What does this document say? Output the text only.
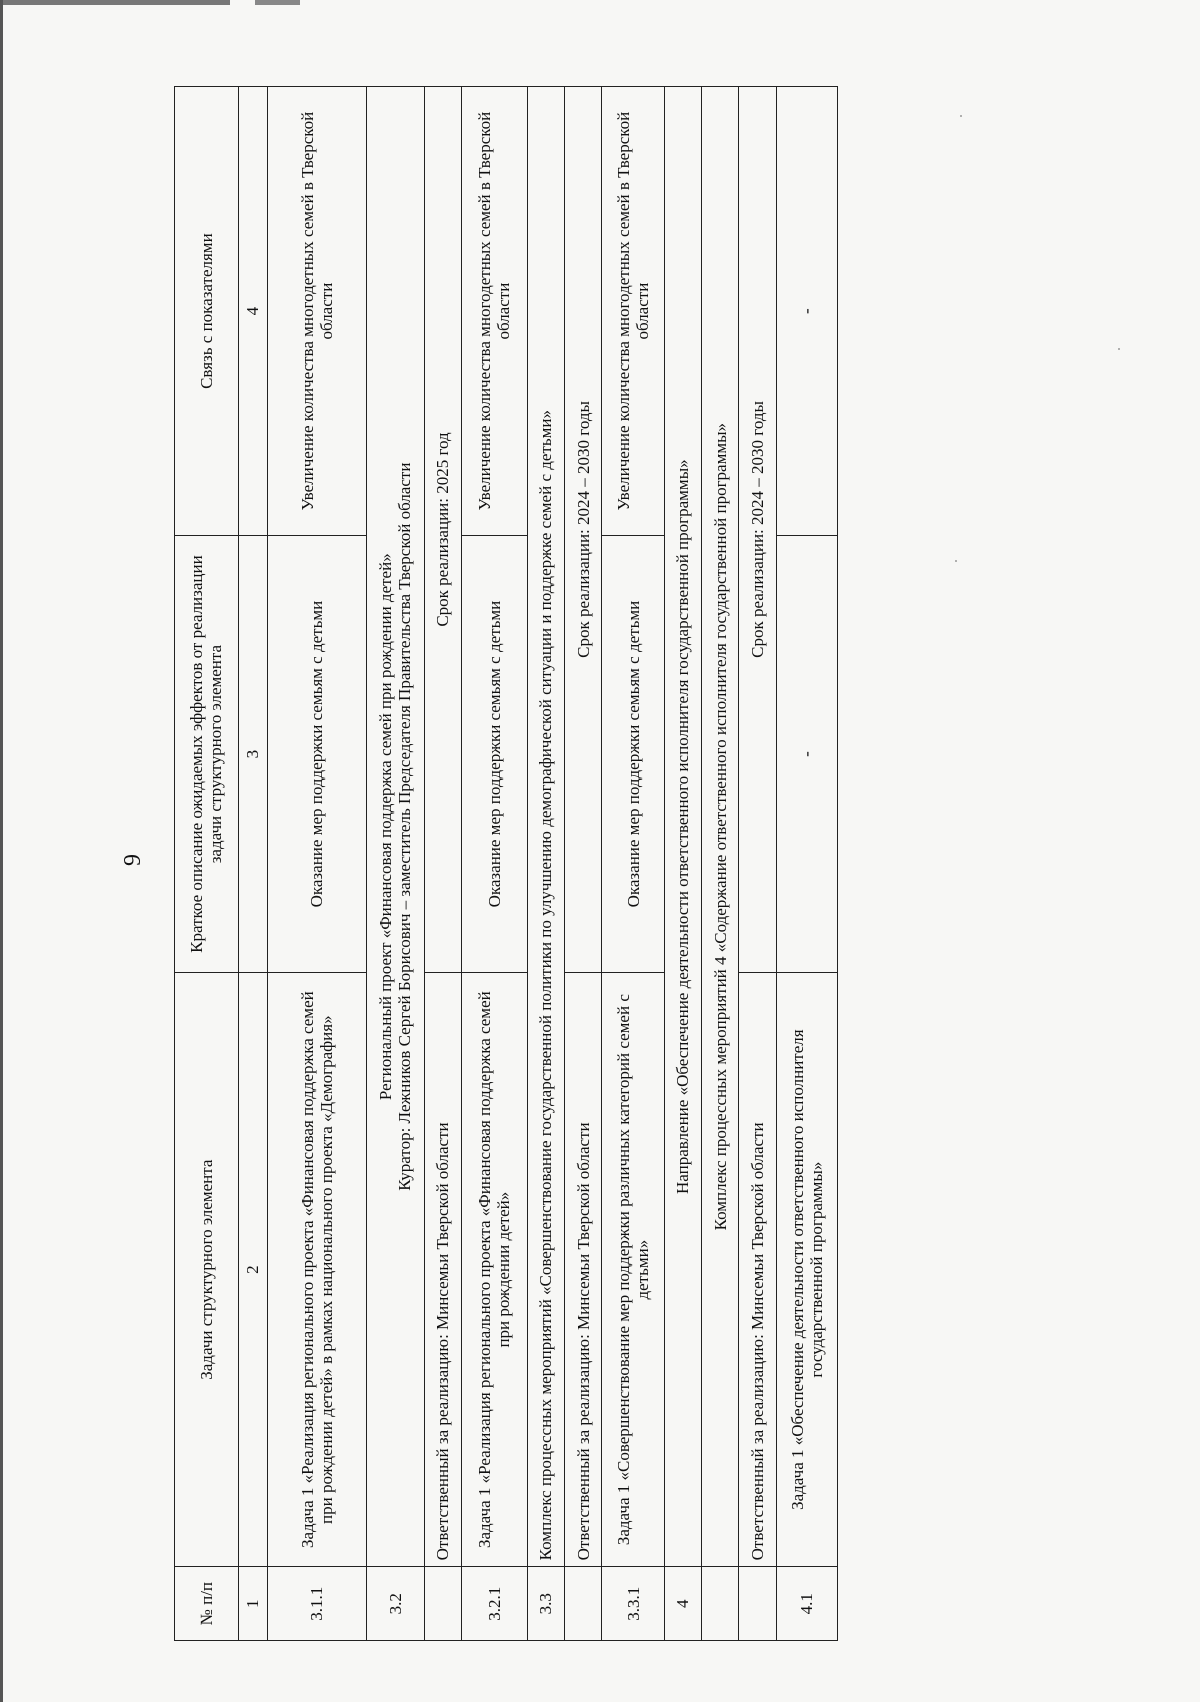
9
№ п/п	Задачи структурного элемента	Краткое описание ожидаемых эффектов от реализации задачи структурного элемента	Связь с показателями
1	2	3	4
3.1.1	Задача 1 «Реализация регионального проекта «Финансовая поддержка семей при рождении детей» в рамках национального проекта «Демография»	Оказание мер поддержки семьям с детьми	Увеличение количества многодетных семей в Тверской области
3.2	Региональный проект «Финансовая поддержка семей при рождении детей» Куратор: Лежников Сергей Борисович – заместитель Председателя Правительства Тверской области		

	Ответственный за реализацию: Минсемьи Тверской области	Срок реализации: 2025 год	
3.2.1	Задача 1 «Реализация регионального проекта «Финансовая поддержка семей при рождении детей»	Оказание мер поддержки семьям с детьми	Увеличение количества многодетных семей в Тверской области
3.3	Комплекс процессных мероприятий «Совершенствование государственной политики по улучшению демографической ситуации и поддержке семей с детьми»		
	Ответственный за реализацию: Минсемьи Тверской области	Срок реализации: 2024 – 2030 годы	
3.3.1	Задача 1 «Совершенствование мер поддержки различных категорий семей с детьми»	Оказание мер поддержки семьям с детьми	Увеличение количества многодетных семей в Тверской области
4	Направление «Обеспечение деятельности ответственного исполнителя государственной программы»		
	Комплекс процессных мероприятий 4 «Содержание ответственного исполнителя государственной программы»		
	Ответственный за реализацию: Минсемьи Тверской области	Срок реализации: 2024 – 2030 годы	
4.1	Задача 1 «Обеспечение деятельности ответственного исполнителя государственной программы»	-	-
